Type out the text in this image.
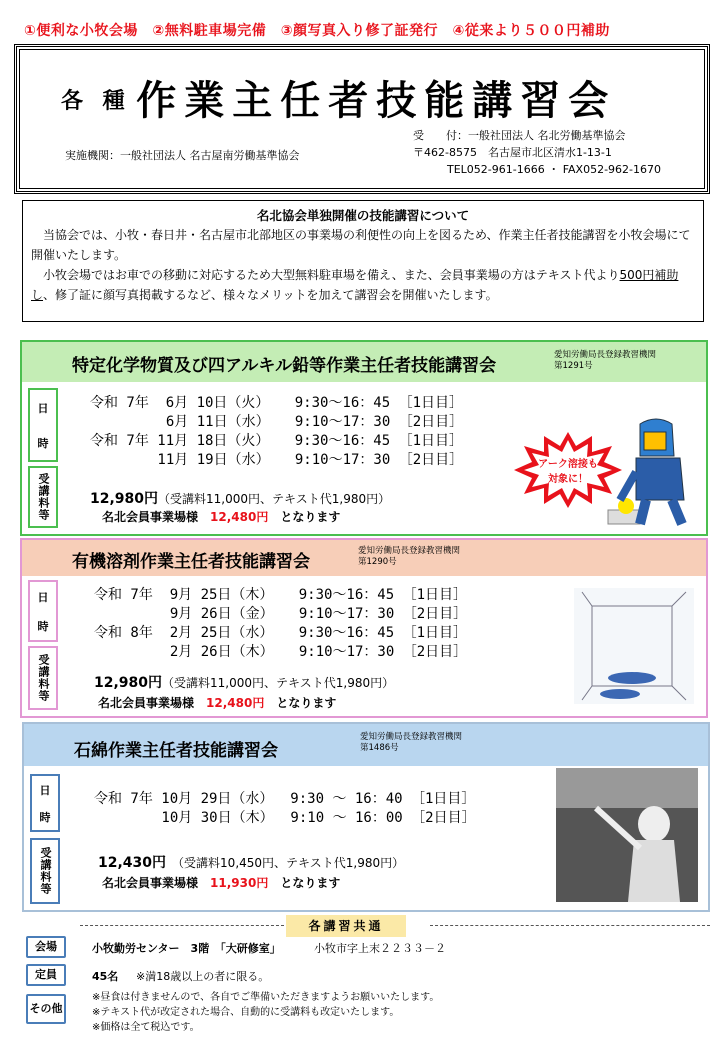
①便利な小牧会場　②無料駐車場完備　③顔写真入り修了証発行　④従来より５００円補助
各 種 作業主任者技能講習会
実施機関：一般社団法人 名古屋南労働基準協会
受　　付：一般社団法人 名北労働基準協会
〒462-8575　名古屋市北区清水1-13-1
TEL052-961-1666 ・ FAX052-962-1670
名北協会単独開催の技能講習について

当協会では、小牧・春日井・名古屋市北部地区の事業場の利便性の向上を図るため、作業主任者技能講習を小牧会場にて開催いたします。

小牧会場ではお車での移動に対応するため大型無料駐車場を備え、また、会員事業場の方はテキスト代より500円補助し、修了証に顔写真掲載するなど、様々なメリットを加えて講習会を開催いたします。

特定化学物質及び四アルキル鉛等作業主任者技能講習会
愛知労働局長登録教習機関
第1291号
日
時
受講料等
令和 7年  6月 10日（火）   9:30～16：45 ［1日目］
6月 11日（水）   9:10～17：30 ［2日目］
令和 7年 11月 18日（火）   9:30～16：45 ［1日目］
11月 19日（水）   9:10～17：30 ［2日目］
12,980円（受講料11,000円、テキスト代1,980円）
名北会員事業場様　 12,480円　 となります
アーク溶接も
対象に！
有機溶剤作業主任者技能講習会
愛知労働局長登録教習機関
第1290号
日
時
受講料等
令和 7年  9月 25日（木）   9:30～16：45 ［1日目］
9月 26日（金）   9:10～17：30 ［2日目］
令和 8年  2月 25日（水）   9:30～16：45 ［1日目］
2月 26日（木）   9:10～17：30 ［2日目］
12,980円（受講料11,000円、テキスト代1,980円）
名北会員事業場様　 12,480円　 となります
石綿作業主任者技能講習会
愛知労働局長登録教習機関
第1486号
日
時
受講料等
令和 7年 10月 29日（水）  9:30 ～ 16：40 ［1日目］
10月 30日（木）  9:10 ～ 16：00 ［2日目］
12,430円　 （受講料10,450円、テキスト代1,980円）
名北会員事業場様　 11,930円　 となります
各講習共通
会場	小牧勤労センター　3階　「大研修室」	小牧市字上末２２３３－２
定員	45名 ※満18歳以上の者に限る。
その他
※昼食は付きませんので、各自でご準備いただきますようお願いいたします。
※テキスト代が改定された場合、自動的に受講料も改定いたします。
※価格は全て税込です。
